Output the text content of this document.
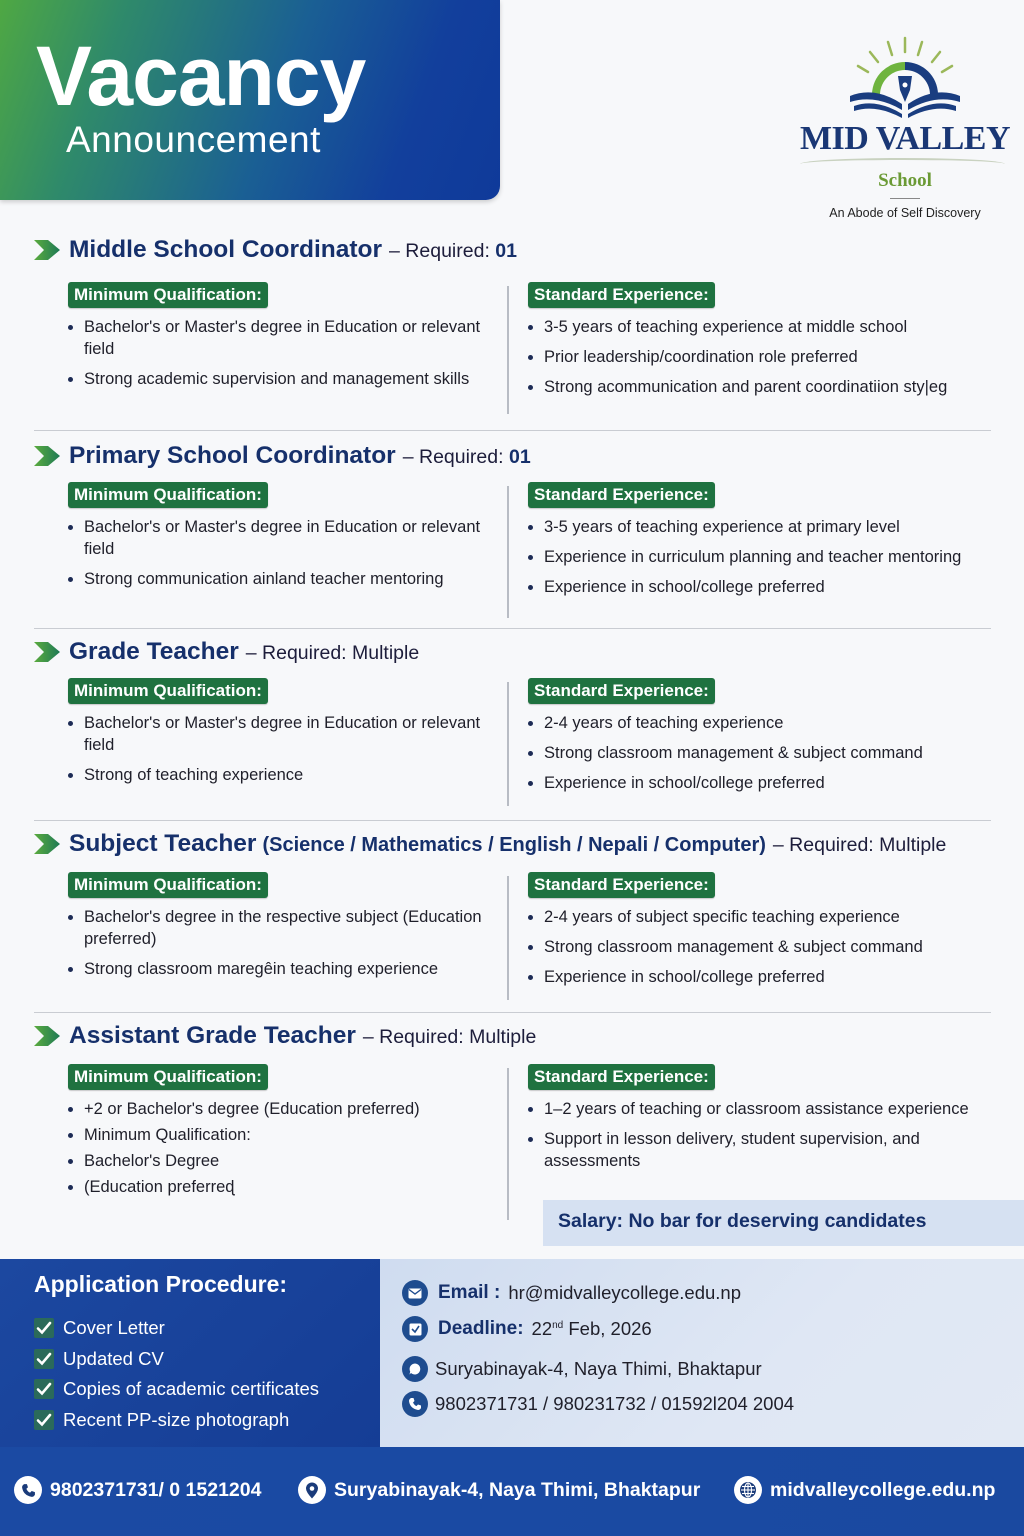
Vacancy
Announcement	MID VALLEY
School
An Abode of Self Discovery
Middle School Coordinator – Required: 01
Minimum Qualification:
Bachelor's or Master's degree in Education or relevant field
Strong academic supervision and management skills
Standard Experience:
3-5 years of teaching experience at middle school
Prior leadership/coordination role preferred
Strong acommunication and parent coordinatiion sty|eg
Primary School Coordinator – Required: 01
Minimum Qualification:
Bachelor's or Master's degree in Education or relevant field
Strong communication ainland teacher mentoring
Standard Experience:
3-5 years of teaching experience at primary level
Experience in curriculum planning and teacher mentoring
Experience in school/college preferred
Grade Teacher – Required: Multiple
Minimum Qualification:
Bachelor's or Master's degree in Education or relevant field
Strong of teaching experience
Standard Experience:
2-4 years of teaching experience
Strong classroom management & subject command
Experience in school/college preferred
Subject Teacher (Science / Mathematics / English / Nepali / Computer) – Required: Multiple
Minimum Qualification:
Bachelor's degree in the respective subject (Education preferred)
Strong classroom maregêin teaching experience
Standard Experience:
2-4 years of subject specific teaching experience
Strong classroom management & subject command
Experience in school/college preferred
Assistant Grade Teacher – Required: Multiple
Minimum Qualification:
+2 or Bachelor's degree (Education preferred)
Minimum Qualification:
Bachelor's Degree
(Education preferreɖ
Standard Experience:
1–2 years of teaching or classroom assistance experience
Support in lesson delivery, student supervision, and assessments
Salary: No bar for deserving candidates
Application Procedure:
Cover Letter
Updated CV
Copies of academic certificates
Recent PP-size photograph
Email : hr@midvalleycollege.edu.np
Deadline: 22nd Feb, 2026
Suryabinayak-4, Naya Thimi, Bhaktapur
9802371731 / 980231732 / 01592Ɩ204 2004
9802371731/ 0 1521204	Suryabinayak-4, Naya Thimi, Bhaktapur	midvalleycollege.edu.np
